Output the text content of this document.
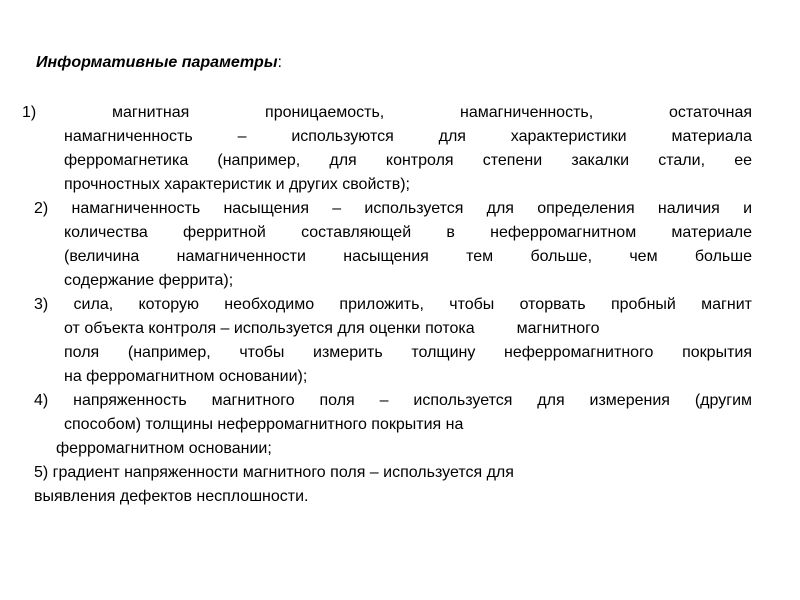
Информативные параметры:
1) магнитная проницаемость, намагниченность, остаточная
намагниченность – используются для характеристики материала
ферромагнетика (например, для контроля степени закалки стали, ее
прочностных характеристик и других свойств);
2) намагниченность насыщения – используется для определения наличия и
количества ферритной составляющей в неферромагнитном материале
(величина намагниченности насыщения тем больше, чем больше
содержание феррита);
3) сила, которую необходимо приложить, чтобы оторвать пробный магнит
от объекта контроля – используется для оценки потока	магнитного
поля (например, чтобы измерить толщину неферромагнитного покрытия
на ферромагнитном основании);
4) напряженность магнитного поля – используется для измерения (другим
способом) толщины неферромагнитного покрытия на
ферромагнитном основании;
5) градиент напряженности магнитного поля – используется для
выявления дефектов несплошности.
